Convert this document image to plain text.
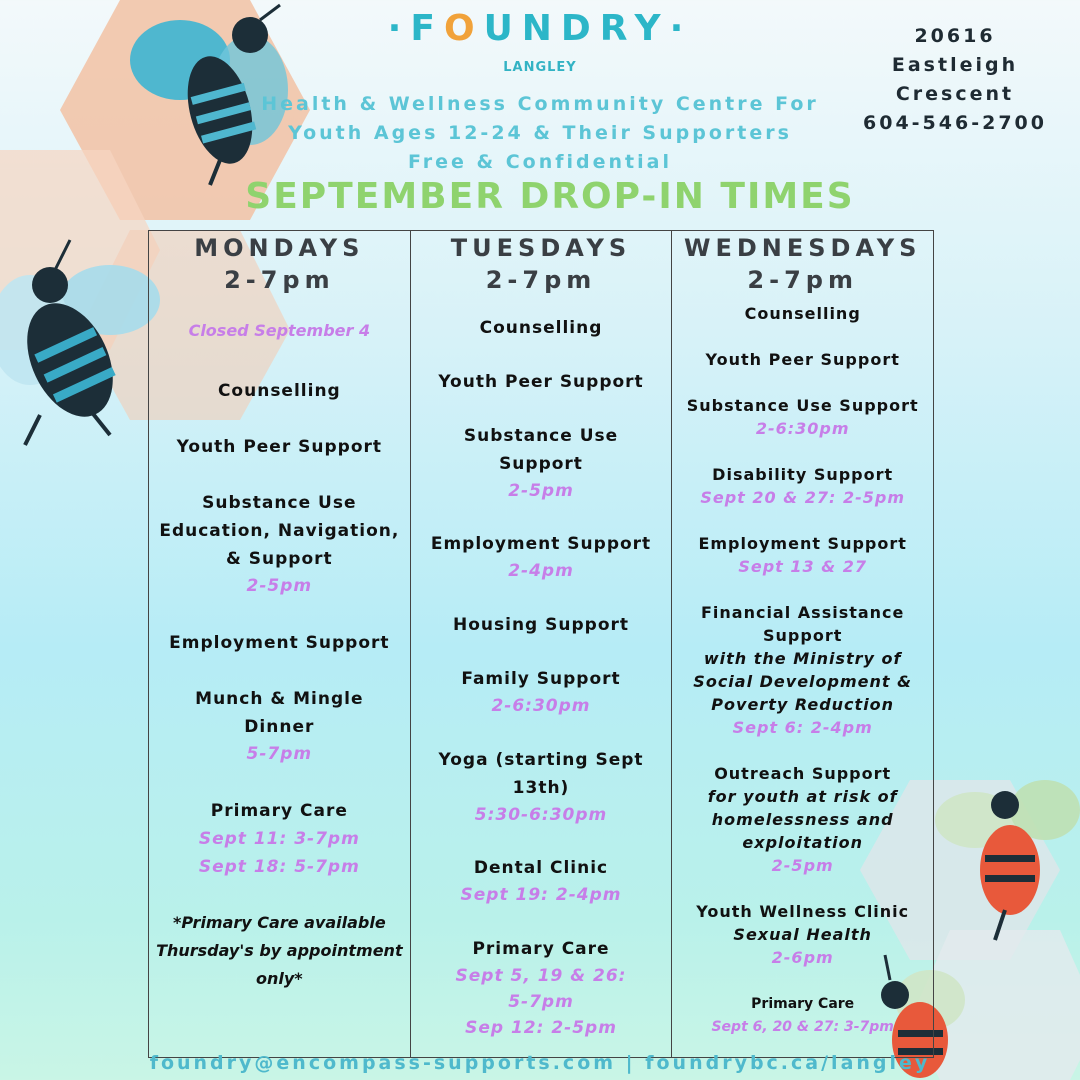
·FOUNDRY·
LANGLEY
Health & Wellness Community Centre For
Youth Ages 12-24 & Their Supporters
Free & Confidential
20616
Eastleigh
Crescent
604-546-2700
SEPTEMBER DROP-IN TIMES
MONDAYS
2-7pm
Closed September 4
Counselling
Youth Peer Support
Substance Use
Education, Navigation,
& Support
2-5pm
Employment Support
Munch & Mingle
Dinner
5-7pm
Primary Care
Sept 11: 3-7pm
Sept 18: 5-7pm
*Primary Care available
Thursday's by appointment
only*
TUESDAYS
2-7pm
Counselling
Youth Peer Support
Substance Use
Support
2-5pm
Employment Support
2-4pm
Housing Support
Family Support
2-6:30pm
Yoga (starting Sept
13th)
5:30-6:30pm
Dental Clinic
Sept 19: 2-4pm
Primary Care
Sept 5, 19 & 26:
5-7pm
Sep 12: 2-5pm
WEDNESDAYS
2-7pm
Counselling
Youth Peer Support
Substance Use Support
2-6:30pm
Disability Support
Sept 20 & 27: 2-5pm
Employment Support
Sept 13 & 27
Financial Assistance
Support
with the Ministry of
Social Development &
Poverty Reduction
Sept 6: 2-4pm
Outreach Support
for youth at risk of
homelessness and
exploitation
2-5pm
Youth Wellness Clinic
Sexual Health
2-6pm
Primary Care
Sept 6, 20 & 27: 3-7pm
foundry@encompass-supports.com | foundrybc.ca/langley
